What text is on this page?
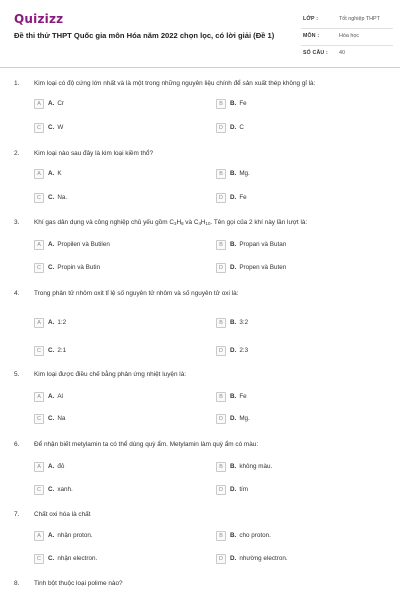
Quizizz
Đề thi thử THPT Quốc gia môn Hóa năm 2022 chọn lọc, có lời giải (Đề 1)
LỚP :	Tốt nghiệp THPT
MÔN :	Hóa học
SỐ CÂU : 40
1. Kim loại có độ cứng lớn nhất và là một trong những nguyên liệu chính để sản xuất thép không gỉ là:
A	A. Cr	B	B. Fe
C	C. W	D	D. C
2. Kim loại nào sau đây là kim loại kiềm thổ?
A	A. K	B	B. Mg.
C	C. Na.	D	D. Fe
3. Khí gas dân dụng và công nghiệp chủ yếu gồm $C_3H_8$ và $C_4H_{10}$. Tên gọi của 2 khí này lần lượt là:
A	A. Propilen và Butilen	B	B. Propan và Butan
C	C. Propin và Butin	D	D. Propen và Buten
4. Trong phân tử nhôm oxit tỉ lệ số nguyên tử nhôm và số nguyên tử oxi là:
A	A. 1:2	B	B. 3:2
C	C. 2:1	D	D. 2:3
5. Kim loại được điều chế bằng phản ứng nhiệt luyện là:
A	A. Al	B	B. Fe
C	C. Na	D	D. Mg.
6. Để nhận biết metylamin ta có thể dùng quỳ ẩm. Metylamin làm quỳ ẩm có màu:
A	A. đỏ	B	B. không màu.
C	C. xanh.	D	D. tím
7. Chất oxi hóa là chất
A	A. nhận proton.	B	B. cho proton.
C	C. nhận electron.	D	D. nhường electron.
8. Tinh bột thuộc loại polime nào?
